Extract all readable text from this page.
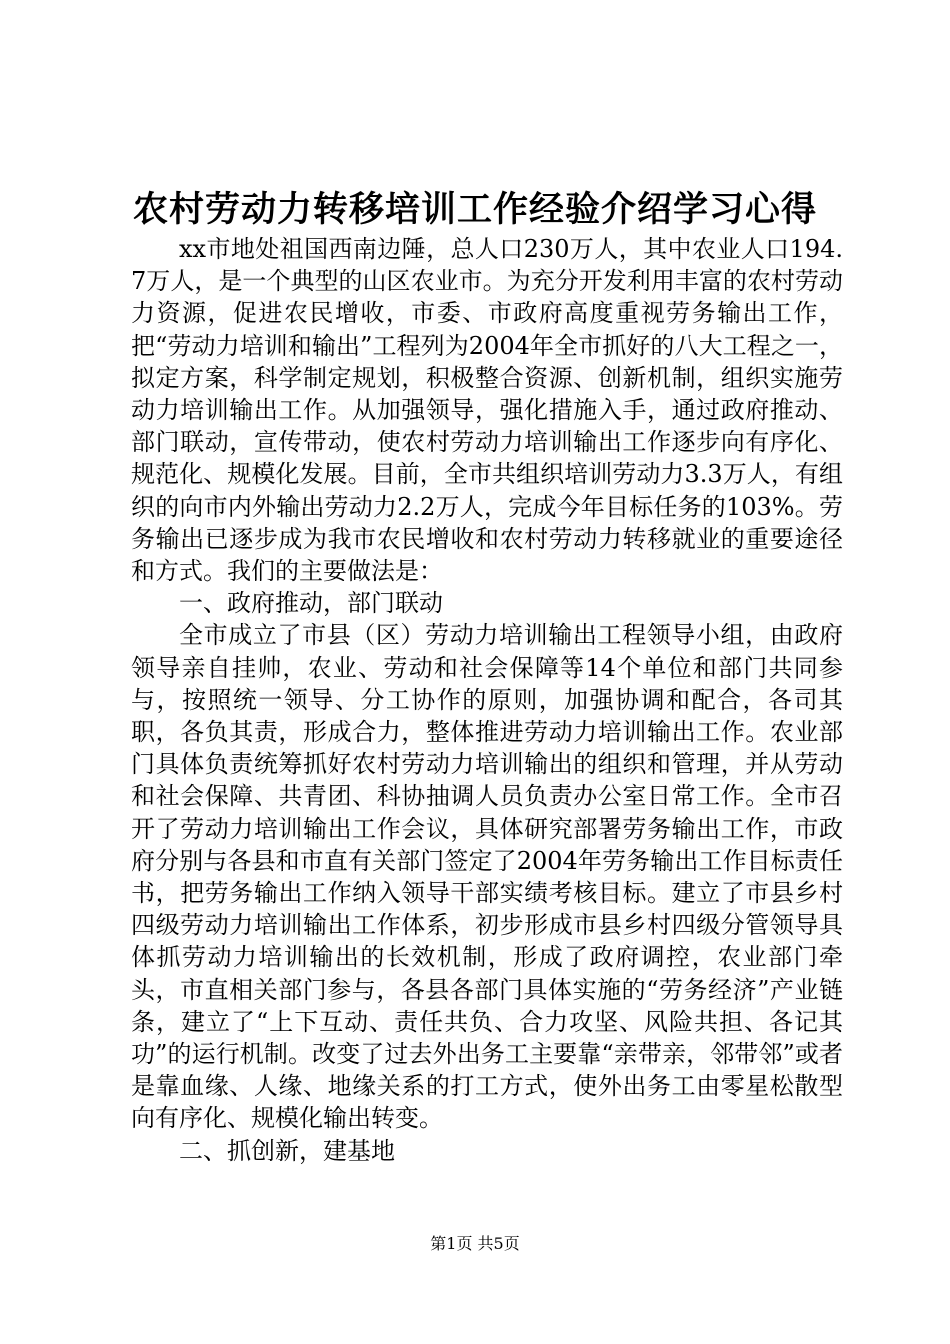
农村劳动力转移培训工作经验介绍学习心得

xx市地处祖国西南边陲，总人口230万人，其中农业人口194.7万人，是一个典型的山区农业市。为充分开发利用丰富的农村劳动力资源，促进农民增收，市委、市政府高度重视劳务输出工作，把“劳动力培训和输出”工程列为2004年全市抓好的八大工程之一，拟定方案，科学制定规划，积极整合资源、创新机制，组织实施劳动力培训输出工作。从加强领导，强化措施入手，通过政府推动、部门联动，宣传带动，使农村劳动力培训输出工作逐步向有序化、规范化、规模化发展。目前，全市共组织培训劳动力3.3万人，有组织的向市内外输出劳动力2.2万人，完成今年目标任务的103%。劳务输出已逐步成为我市农民增收和农村劳动力转移就业的重要途径和方式。我们的主要做法是：

一、政府推动，部门联动

全市成立了市县（区）劳动力培训输出工程领导小组，由政府领导亲自挂帅，农业、劳动和社会保障等14个单位和部门共同参与，按照统一领导、分工协作的原则，加强协调和配合，各司其职，各负其责，形成合力，整体推进劳动力培训输出工作。农业部门具体负责统筹抓好农村劳动力培训输出的组织和管理，并从劳动和社会保障、共青团、科协抽调人员负责办公室日常工作。全市召开了劳动力培训输出工作会议，具体研究部署劳务输出工作，市政府分别与各县和市直有关部门签定了2004年劳务输出工作目标责任书，把劳务输出工作纳入领导干部实绩考核目标。建立了市县乡村四级劳动力培训输出工作体系，初步形成市县乡村四级分管领导具体抓劳动力培训输出的长效机制，形成了政府调控，农业部门牵头，市直相关部门参与，各县各部门具体实施的“劳务经济”产业链条，建立了“上下互动、责任共负、合力攻坚、风险共担、各记其功”的运行机制。改变了过去外出务工主要靠“亲带亲，邻带邻”或者是靠血缘、人缘、地缘关系的打工方式，使外出务工由零星松散型向有序化、规模化输出转变。

二、抓创新，建基地

第1页 共5页
